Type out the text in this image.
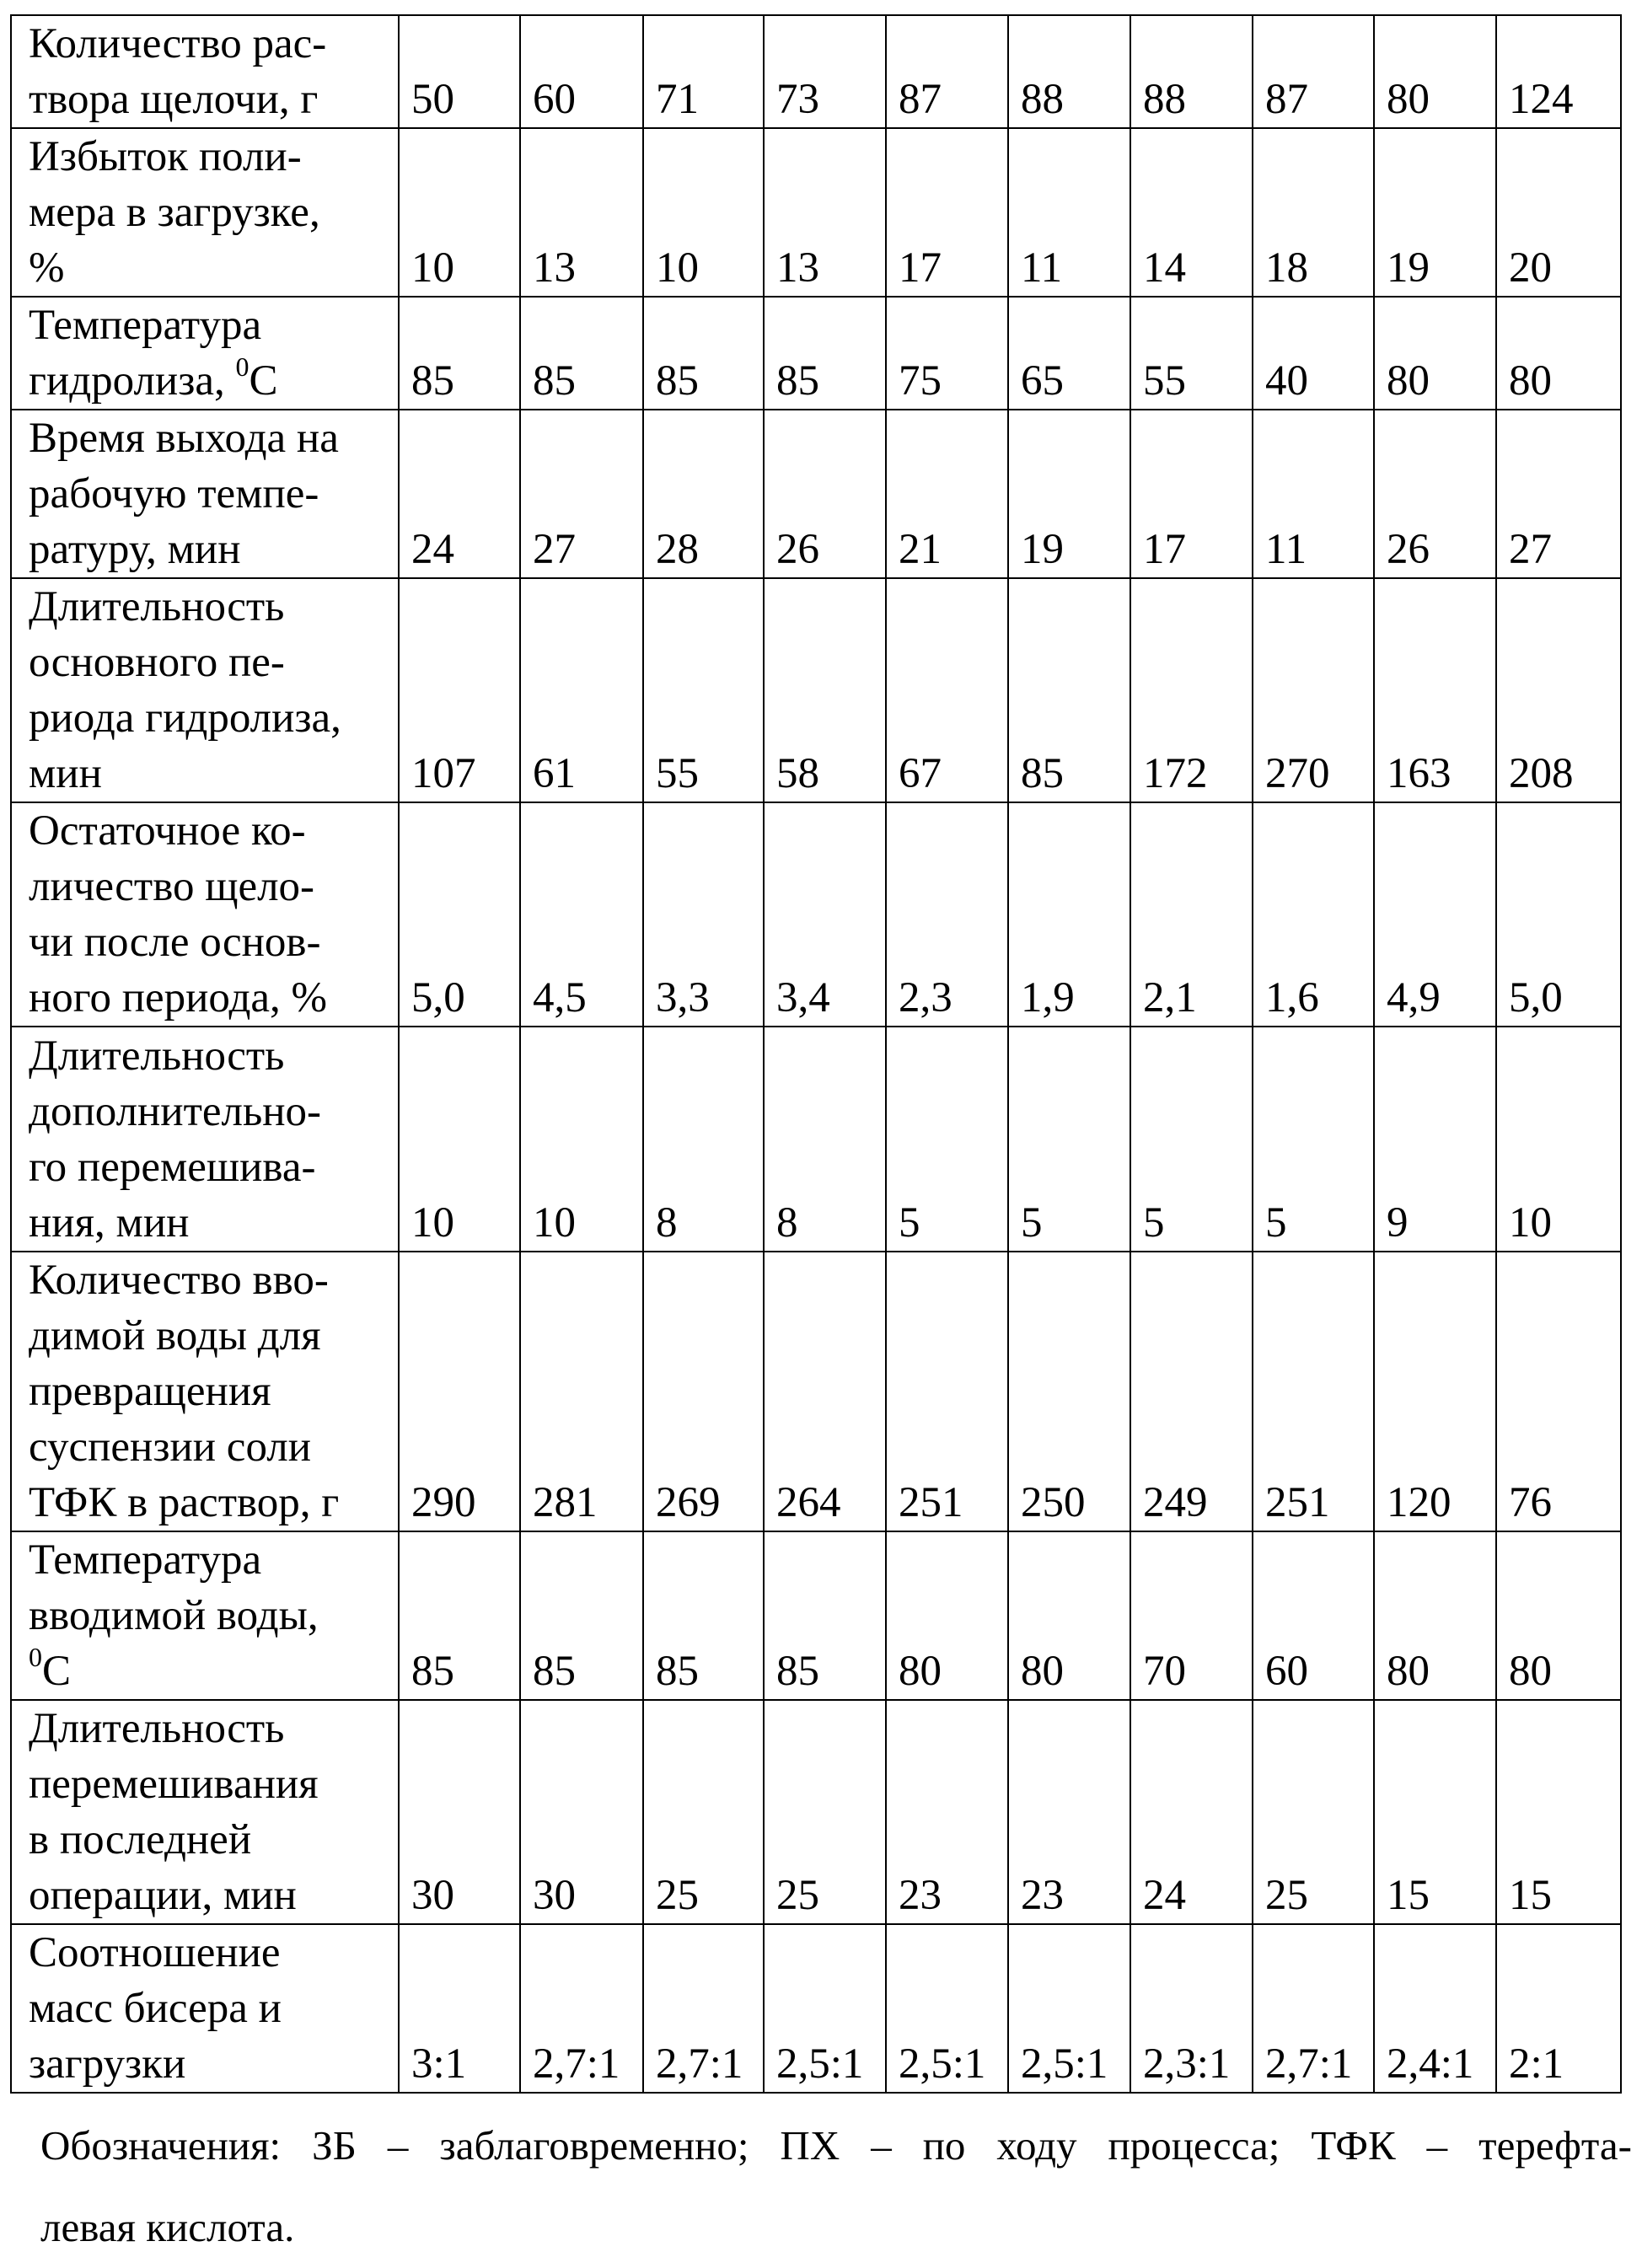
Количество рас-
твора щелочи, г	50	60	71	73	87	88	88	87	80	124

Избыток поли-
мера в загрузке,
%	10	13	10	13	17	11	14	18	19	20

Температура
гидролиза, 0C	85	85	85	85	75	65	55	40	80	80

Время выхода на
рабочую темпе-
ратуру, мин	24	27	28	26	21	19	17	11	26	27

Длительность
основного пе-
риода гидролиза,
мин	107	61	55	58	67	85	172	270	163	208

Остаточное ко-
личество щело-
чи после основ-
ного периода, %	5,0	4,5	3,3	3,4	2,3	1,9	2,1	1,6	4,9	5,0

Длительность
дополнительно-
го перемешива-
ния, мин	10	10	8	8	5	5	5	5	9	10

Количество вво-
димой воды для
превращения
суспензии соли
ТФК в раствор, г	290	281	269	264	251	250	249	251	120	76

Температура
вводимой воды,
0C	85	85	85	85	80	80	70	60	80	80

Длительность
перемешивания
в последней
операции, мин	30	30	25	25	23	23	24	25	15	15

Соотношение
масс бисера и
загрузки	3:1	2,7:1	2,7:1	2,5:1	2,5:1	2,5:1	2,3:1	2,7:1	2,4:1	2:1
Обозначения: ЗБ – заблаговременно; ПХ – по ходу процесса; ТФК – терефта-
левая кислота.
